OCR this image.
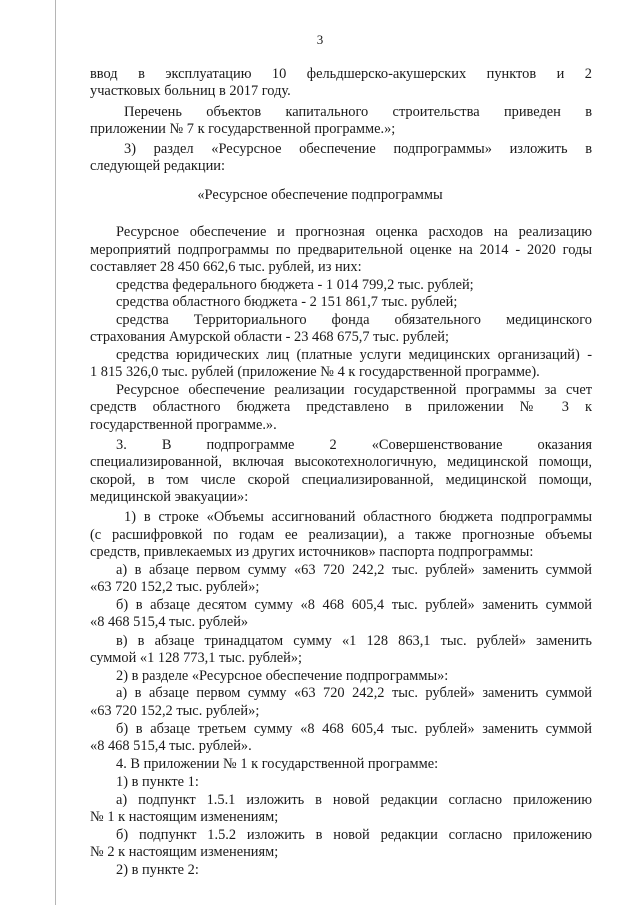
3
ввод в эксплуатацию 10 фельдшерско-акушерских пунктов и 2
участковых больниц в 2017 году.
Перечень объектов капитального строительства приведен в
приложении № 7 к государственной программе.»;
3) раздел «Ресурсное обеспечение подпрограммы» изложить в
следующей редакции:
«Ресурсное обеспечение подпрограммы
Ресурсное обеспечение и прогнозная оценка расходов на реализацию
мероприятий подпрограммы по предварительной оценке на 2014 - 2020 годы
составляет 28 450 662,6 тыс. рублей, из них:
средства федерального бюджета - 1 014 799,2 тыс. рублей;
средства областного бюджета - 2 151 861,7 тыс. рублей;
средства Территориального фонда обязательного медицинского
страхования Амурской области - 23 468 675,7 тыс. рублей;
средства юридических лиц (платные услуги медицинских организаций) -
1 815 326,0 тыс. рублей (приложение № 4 к государственной программе).
Ресурсное обеспечение реализации государственной программы за счет
средств областного бюджета представлено в приложении № 3 к
государственной программе.».
3. В подпрограмме 2 «Совершенствование оказания
специализированной, включая высокотехнологичную, медицинской помощи,
скорой, в том числе скорой специализированной, медицинской помощи,
медицинской эвакуации»:
1) в строке «Объемы ассигнований областного бюджета подпрограммы
(с расшифровкой по годам ее реализации), а также прогнозные объемы
средств, привлекаемых из других источников» паспорта подпрограммы:
а) в абзаце первом сумму «63 720 242,2 тыс. рублей» заменить суммой
«63 720 152,2 тыс. рублей»;
б) в абзаце десятом сумму «8 468 605,4 тыс. рублей» заменить суммой
«8 468 515,4 тыс. рублей»
в) в абзаце тринадцатом сумму «1 128 863,1 тыс. рублей» заменить
суммой «1 128 773,1 тыс. рублей»;
2) в разделе «Ресурсное обеспечение подпрограммы»:
а) в абзаце первом сумму «63 720 242,2 тыс. рублей» заменить суммой
«63 720 152,2 тыс. рублей»;
б) в абзаце третьем сумму «8 468 605,4 тыс. рублей» заменить суммой
«8 468 515,4 тыс. рублей».
4. В приложении № 1 к государственной программе:
1) в пункте 1:
а) подпункт 1.5.1 изложить в новой редакции согласно приложению
№ 1 к настоящим изменениям;
б) подпункт 1.5.2 изложить в новой редакции согласно приложению
№ 2 к настоящим изменениям;
2) в пункте 2:
